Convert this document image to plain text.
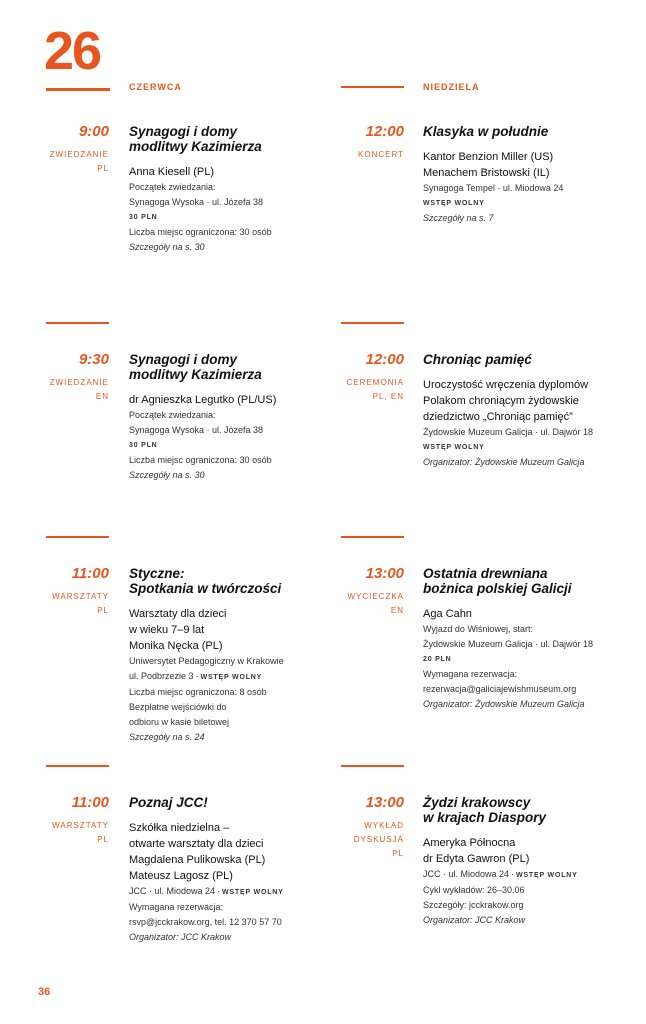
26
CZERWCA	NIEDZIELA
9:00
ZWIEDZANIE
PL
Synagogi i domy
modlitwy Kazimierza
Anna Kiesell (PL)
Początek zwiedzania:
Synagoga Wysoka · ul. Józefa 38
30 PLN
Liczba miejsc ograniczona: 30 osób
Szczegóły na s. 30
12:00
KONCERT
Klasyka w południe
Kantor Benzion Miller (US)
Menachem Bristowski (IL)
Synagoga Tempel · ul. Miodowa 24
WSTĘP WOLNY
Szczegóły na s. 7
9:30
ZWIEDZANIE
EN
Synagogi i domy
modlitwy Kazimierza
dr Agnieszka Legutko (PL/US)
Początek zwiedzania:
Synagoga Wysoka · ul. Józefa 38
30 PLN
Liczba miejsc ograniczona: 30 osób
Szczegóły na s. 30
12:00
CEREMONIA
PL, EN
Chroniąc pamięć
Uroczystość wręczenia dyplomów
Polakom chroniącym żydowskie
dziedzictwo „Chroniąc pamięć”
Żydowskie Muzeum Galicja · ul. Dajwór 18
WSTĘP WOLNY
Organizator: Żydowskie Muzeum Galicja
11:00
WARSZTATY
PL
Styczne:
Spotkania w twórczości
Warsztaty dla dzieci
w wieku 7–9 lat
Monika Nęcka (PL)
Uniwersytet Pedagogiczny w Krakowie
ul. Podbrzezie 3 · WSTĘP WOLNY
Liczba miejsc ograniczona: 8 osób
Bezpłatne wejściówki do
odbioru w kasie biletowej
Szczegóły na s. 24
13:00
WYCIECZKA
EN
Ostatnia drewniana
bożnica polskiej Galicji
Aga Cahn
Wyjazd do Wiśniowej, start:
Żydowskie Muzeum Galicja · ul. Dajwór 18
20 PLN
Wymagana rezerwacja:
rezerwacja@galiciajewishmuseum.org
Organizator: Żydowskie Muzeum Galicja
11:00
WARSZTATY
PL
Poznaj JCC!
Szkółka niedzielna –
otwarte warsztaty dla dzieci
Magdalena Pulikowska (PL)
Mateusz Lagosz (PL)
JCC · ul. Miodowa 24 · WSTĘP WOLNY
Wymagana rezerwacja:
rsvp@jcckrakow.org, tel. 12 370 57 70
Organizator: JCC Krakow
13:00
WYKŁAD
DYSKUSJA
PL
Żydzi krakowscy
w krajach Diaspory
Ameryka Północna
dr Edyta Gawron (PL)
JCC · ul. Miodowa 24 · WSTĘP WOLNY
Cykl wykładów: 26–30.06
Szczegóły: jcckrakow.org
Organizator: JCC Krakow
36
